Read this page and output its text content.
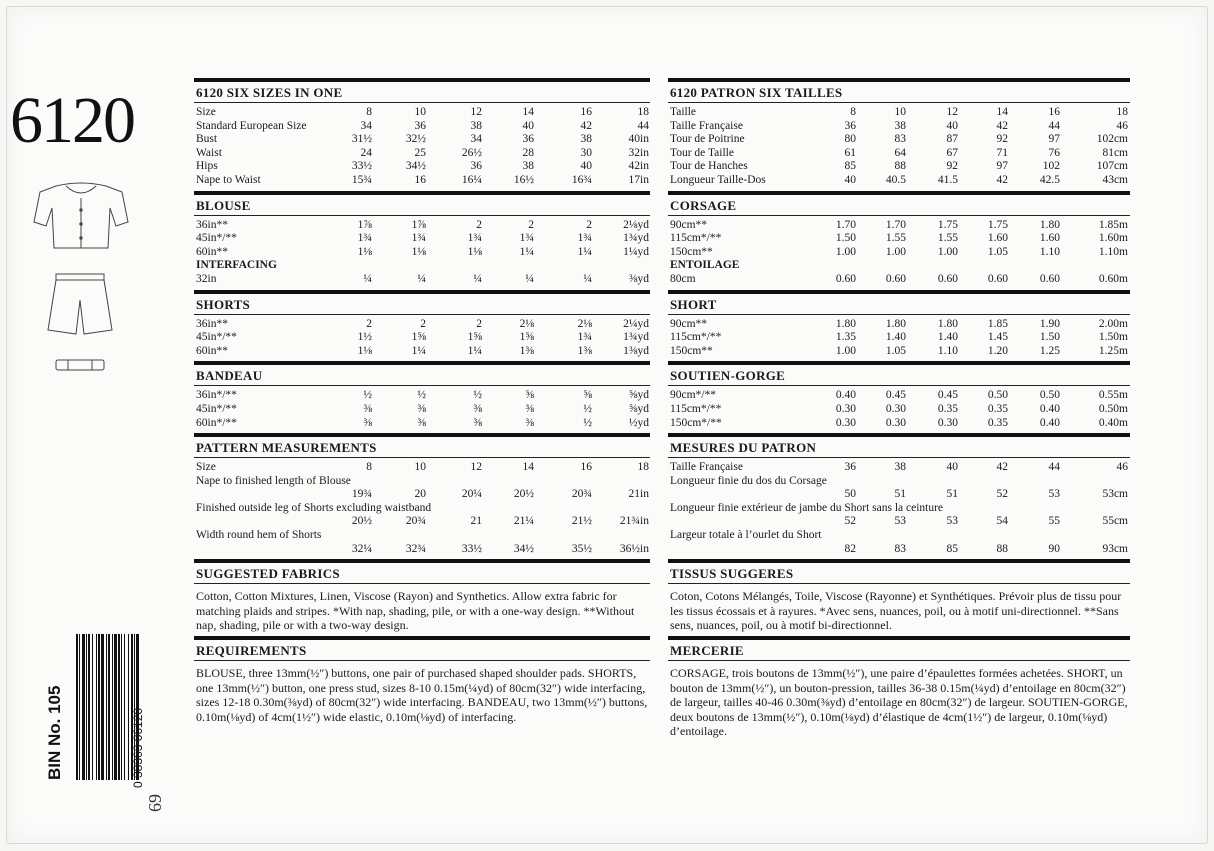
6120
BIN No. 105	0 38363 06120
69
6120 SIX SIZES IN ONE
Size	8	10	12	14	16	18
Standard European Size	34	36	38	40	42	44
Bust	31½	32½	34	36	38	40in
Waist	24	25	26½	28	30	32in
Hips	33½	34½	36	38	40	42in
Nape to Waist	15¾	16	16¼	16½	16¾	17in
BLOUSE
36in**	1⅞	1⅞	2	2	2	2⅛yd
45in*/**	1¾	1¾	1¾	1¾	1¾	1¾yd
60in**	1⅛	1⅛	1⅛	1¼	1¼	1¼yd
INTERFACING
32in	¼	¼	¼	¼	¼	⅜yd
SHORTS
36in**	2	2	2	2⅛	2⅛	2¼yd
45in*/**	1½	1⅝	1⅝	1⅝	1¾	1¾yd
60in**	1⅛	1¼	1¼	1⅜	1⅜	1⅜yd
BANDEAU
36in*/**	½	½	½	⅝	⅝	⅝yd
45in*/**	⅜	⅜	⅜	⅜	½	⅝yd
60in*/**	⅜	⅜	⅜	⅜	½	½yd
PATTERN MEASUREMENTS
Size	8	10	12	14	16	18
Nape to finished length of Blouse
19¾	20	20¼	20½	20¾	21in
Finished outside leg of Shorts excluding waistband
20½	20¾	21	21¼	21½	21¾in
Width round hem of Shorts
32¼	32¾	33½	34½	35½	36½in
SUGGESTED FABRICS
Cotton, Cotton Mixtures, Linen, Viscose (Rayon) and Synthetics. Allow extra fabric for matching plaids and stripes. *With nap, shading, pile, or with a one-way design. **Without nap, shading, pile or with a two-way design.
REQUIREMENTS
BLOUSE, three 13mm(½″) buttons, one pair of purchased shaped shoulder pads. SHORTS, one 13mm(½″) button, one press stud, sizes 8-10 0.15m(¼yd) of 80cm(32″) wide interfacing, sizes 12-18 0.30m(⅜yd) of 80cm(32″) wide interfacing. BANDEAU, two 13mm(½″) buttons, 0.10m(⅛yd) of 4cm(1½″) wide elastic, 0.10m(⅛yd) of interfacing.
6120 PATRON SIX TAILLES
Taille	8	10	12	14	16	18
Taille Française	36	38	40	42	44	46
Tour de Poitrine	80	83	87	92	97	102cm
Tour de Taille	61	64	67	71	76	81cm
Tour de Hanches	85	88	92	97	102	107cm
Longueur Taille-Dos	40	40.5	41.5	42	42.5	43cm
CORSAGE
90cm**	1.70	1.70	1.75	1.75	1.80	1.85m
115cm*/**	1.50	1.55	1.55	1.60	1.60	1.60m
150cm**	1.00	1.00	1.00	1.05	1.10	1.10m
ENTOILAGE
80cm	0.60	0.60	0.60	0.60	0.60	0.60m
SHORT
90cm**	1.80	1.80	1.80	1.85	1.90	2.00m
115cm*/**	1.35	1.40	1.40	1.45	1.50	1.50m
150cm**	1.00	1.05	1.10	1.20	1.25	1.25m
SOUTIEN-GORGE
90cm*/**	0.40	0.45	0.45	0.50	0.50	0.55m
115cm*/**	0.30	0.30	0.35	0.35	0.40	0.50m
150cm*/**	0.30	0.30	0.30	0.35	0.40	0.40m
MESURES DU PATRON
Taille Française	36	38	40	42	44	46
Longueur finie du dos du Corsage
50	51	51	52	53	53cm
Longueur finie extérieur de jambe du Short sans la ceinture
52	53	53	54	55	55cm
Largeur totale à l’ourlet du Short
82	83	85	88	90	93cm
TISSUS SUGGERES
Coton, Cotons Mélangés, Toile, Viscose (Rayonne) et Synthétiques. Prévoir plus de tissu pour les tissus écossais et à rayures. *Avec sens, nuances, poil, ou à motif uni-directionnel. **Sans sens, nuances, poil, ou à motif bi-directionnel.
MERCERIE
CORSAGE, trois boutons de 13mm(½″), une paire d’épaulettes formées achetées. SHORT, un bouton de 13mm(½″), un bouton-pression, tailles 36-38 0.15m(¼yd) d’entoilage en 80cm(32″) de largeur, tailles 40-46 0.30m(⅜yd) d’entoilage en 80cm(32″) de largeur. SOUTIEN-GORGE, deux boutons de 13mm(½″), 0.10m(⅛yd) d’élastique de 4cm(1½″) de largeur, 0.10m(⅛yd) d’entoilage.
